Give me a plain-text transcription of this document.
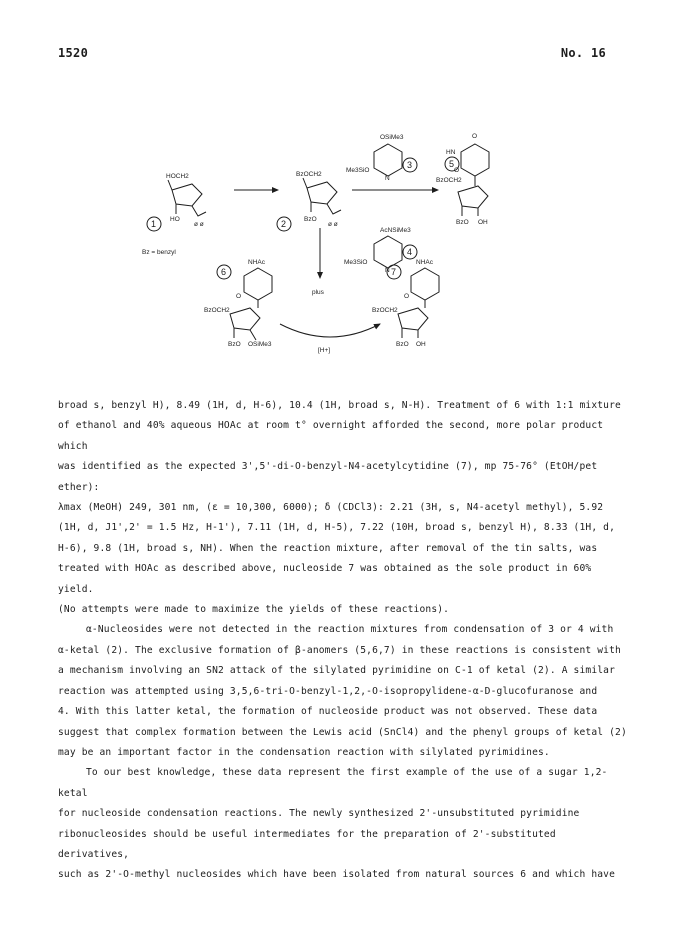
1520	No. 16
HOCH2
HO
ø ø
Bz = benzyl
BzOCH2
BzO
ø ø
OSiMe3
Me3SiO
N
O
HN
O
BzOCH2
BzO OH
AcNSiMe3
Me3SiO
N
NHAc
O
BzOCH2
BzO OSiMe3
NHAc
O
BzOCH2
BzO OH
plus
[H+]
1	2
3
4
5
6	7

broad s, benzyl H), 8.49 (1H, d, H-6), 10.4 (1H, broad s, N-H). Treatment of 6 with 1:1 mixture

of ethanol and 40% aqueous HOAc at room t° overnight afforded the second, more polar product which

was identified as the expected 3',5'-di-O-benzyl-N4-acetylcytidine (7), mp 75-76° (EtOH/pet ether):

λmax (MeOH) 249, 301 nm, (ε = 10,300, 6000); δ (CDCl3): 2.21 (3H, s, N4-acetyl methyl), 5.92

(1H, d, J1',2' = 1.5 Hz, H-1'), 7.11 (1H, d, H-5), 7.22 (10H, broad s, benzyl H), 8.33 (1H, d,

H-6), 9.8 (1H, broad s, NH). When the reaction mixture, after removal of the tin salts, was

treated with HOAc as described above, nucleoside 7 was obtained as the sole product in 60% yield.

(No attempts were made to maximize the yields of these reactions).

α-Nucleosides were not detected in the reaction mixtures from condensation of 3 or 4 with

α-ketal (2). The exclusive formation of β-anomers (5,6,7) in these reactions is consistent with

a mechanism involving an SN2 attack of the silylated pyrimidine on C-1 of ketal (2). A similar

reaction was attempted using 3,5,6-tri-O-benzyl-1,2,-O-isopropylidene-α-D-glucofuranose and

4. With this latter ketal, the formation of nucleoside product was not observed. These data

suggest that complex formation between the Lewis acid (SnCl4) and the phenyl groups of ketal (2)

may be an important factor in the condensation reaction with silylated pyrimidines.

To our best knowledge, these data represent the first example of the use of a sugar 1,2-ketal

for nucleoside condensation reactions. The newly synthesized 2'-unsubstituted pyrimidine

ribonucleosides should be useful intermediates for the preparation of 2'-substituted derivatives,

such as 2'-O-methyl nucleosides which have been isolated from natural sources 6 and which have
